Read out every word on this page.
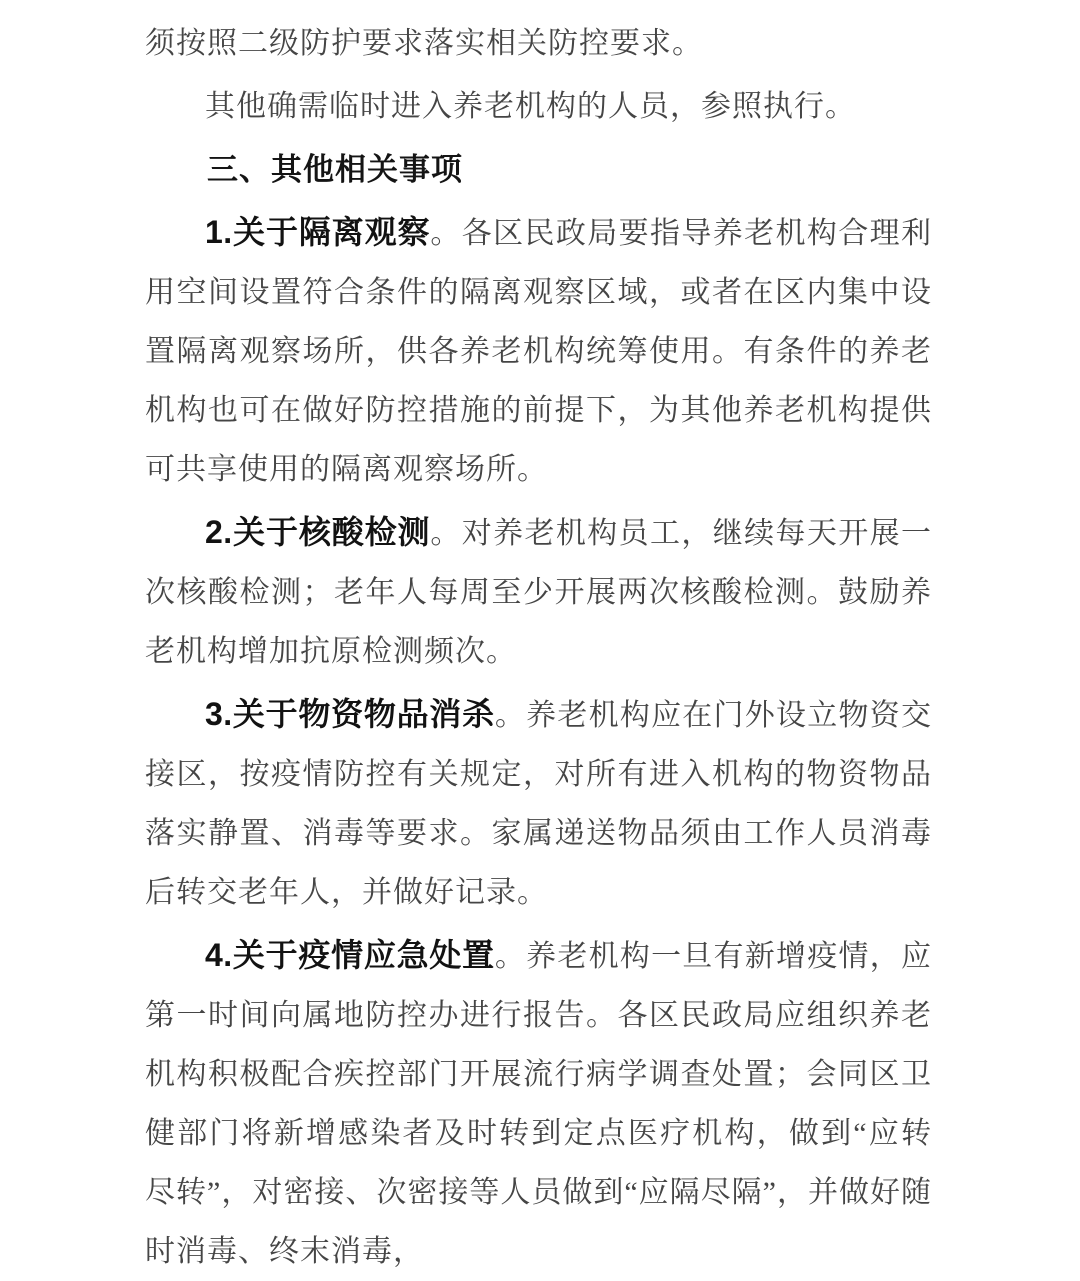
须按照二级防护要求落实相关防控要求。

其他确需临时进入养老机构的人员，参照执行。

三、其他相关事项

1.关于隔离观察。各区民政局要指导养老机构合理利用空间设置符合条件的隔离观察区域，或者在区内集中设置隔离观察场所，供各养老机构统筹使用。有条件的养老机构也可在做好防控措施的前提下，为其他养老机构提供可共享使用的隔离观察场所。

2.关于核酸检测。对养老机构员工，继续每天开展一次核酸检测；老年人每周至少开展两次核酸检测。鼓励养老机构增加抗原检测频次。

3.关于物资物品消杀。养老机构应在门外设立物资交接区，按疫情防控有关规定，对所有进入机构的物资物品落实静置、消毒等要求。家属递送物品须由工作人员消毒后转交老年人，并做好记录。

4.关于疫情应急处置。养老机构一旦有新增疫情，应第一时间向属地防控办进行报告。各区民政局应组织养老机构积极配合疾控部门开展流行病学调查处置；会同区卫健部门将新增感染者及时转到定点医疗机构，做到“应转尽转”，对密接、次密接等人员做到“应隔尽隔”，并做好随时消毒、终末消毒，
